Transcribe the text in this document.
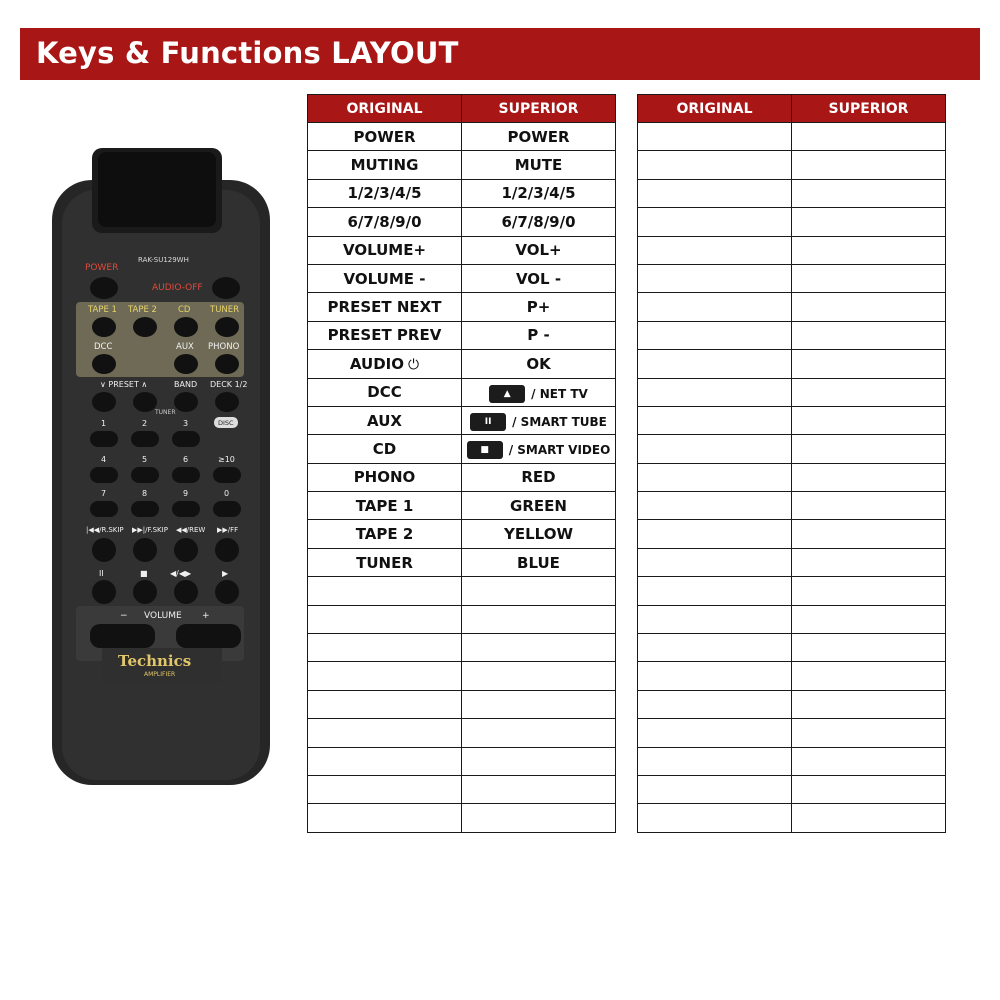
Keys & Functions LAYOUT
RAK-SU129WH
POWER
AUDIO-OFF
TAPE 1 TAPE 2 CD TUNER
DCC	AUX PHONO
∨ PRESET ∧	BAND DECK 1/2
TUNER
1	2	3	DISC
4	5	6	≥10
7	8	9	0
|◀◀/R.SKIP ▶▶|/F.SKIP ◀◀/REW ▶▶/FF
II	■	◀/◀▶	▶
− VOLUME +
Technics
AMPLIFIER
ORIGINAL	SUPERIOR
POWER	POWER
MUTING	MUTE
1/2/3/4/5	1/2/3/4/5
6/7/8/9/0	6/7/8/9/0
VOLUME+	VOL+
VOLUME -	VOL -
PRESET NEXT	P+
PRESET PREV	P -
AUDIO ⏻	OK
DCC	▲ / NET TV

AUX	II / SMART TUBE

CD	■ / SMART VIDEO

PHONO	RED
TAPE 1	GREEN
TAPE 2	YELLOW
TUNER	BLUE

ORIGINAL	SUPERIOR
